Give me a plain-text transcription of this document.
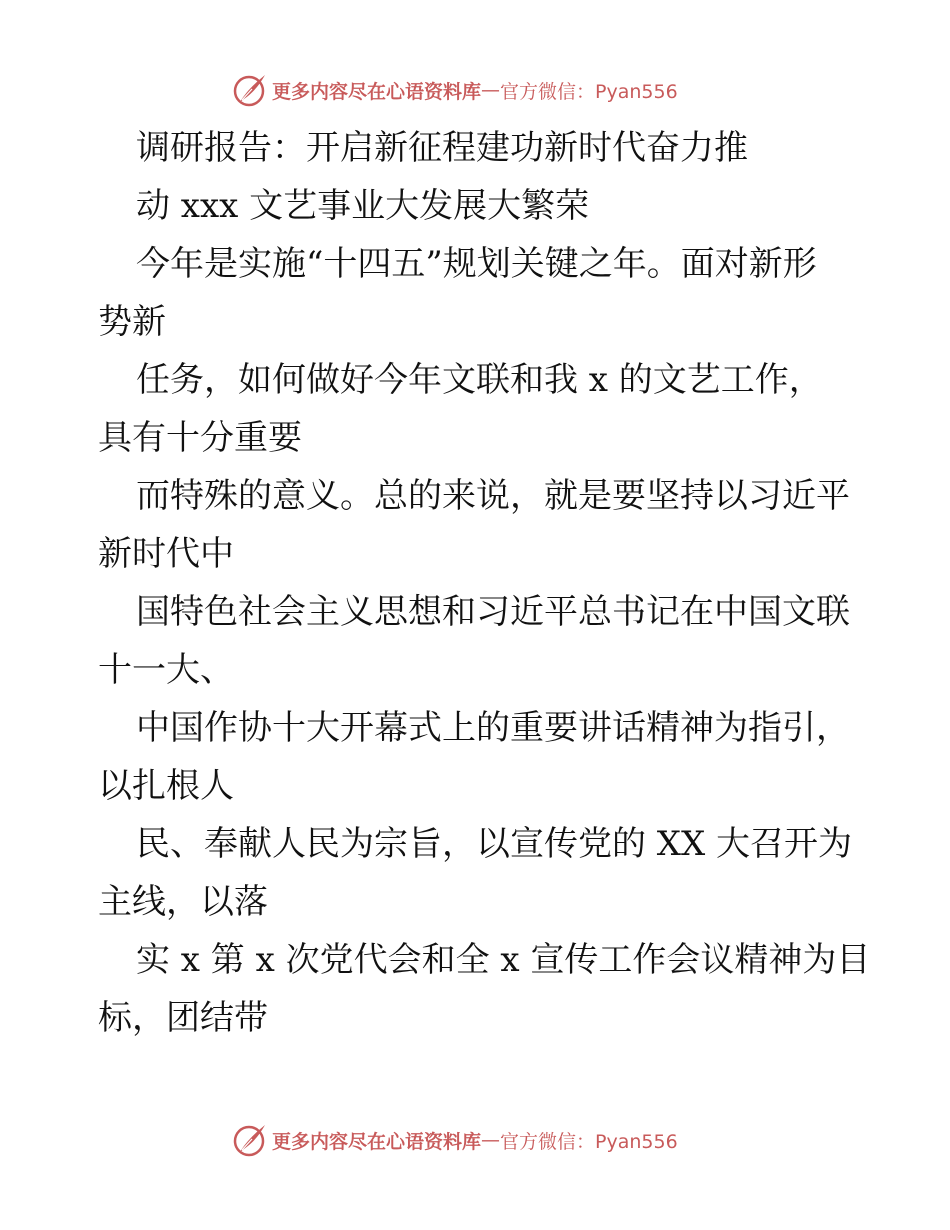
更多内容尽在心语资料库 — 官方微信：Pyan556
调研报告：开启新征程建功新时代奋力推
动 xxx 文艺事业大发展大繁荣
今年是实施“十四五”规划关键之年。面对新形
势新
任务，如何做好今年文联和我 x 的文艺工作，
具有十分重要
而特殊的意义。总的来说，就是要坚持以习近平
新时代中
国特色社会主义思想和习近平总书记在中国文联
十一大、
中国作协十大开幕式上的重要讲话精神为指引，
以扎根人
民、奉献人民为宗旨，以宣传党的 XX 大召开为
主线，以落
实 x 第 x 次党代会和全 x 宣传工作会议精神为目
标，团结带
更多内容尽在心语资料库 — 官方微信：Pyan556
